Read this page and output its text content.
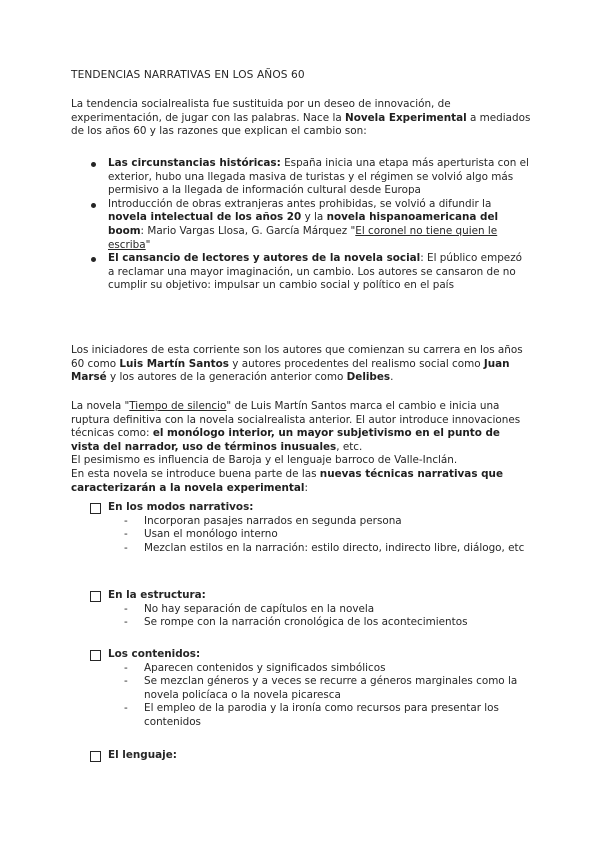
TENDENCIAS NARRATIVAS EN LOS AÑOS 60
La tendencia socialrealista fue sustituida por un deseo de innovación, de experimentación, de jugar con las palabras. Nace la Novela Experimental a mediados de los años 60 y las razones que explican el cambio son:
Las circunstancias históricas: España inicia una etapa más aperturista con el exterior, hubo una llegada masiva de turistas y el régimen se volvió algo más permisivo a la llegada de información cultural desde Europa
Introducción de obras extranjeras antes prohibidas, se volvió a difundir la novela intelectual de los años 20 y la novela hispanoamericana del boom: Mario Vargas Llosa, G. García Márquez "El coronel no tiene quien le escriba"
El cansancio de lectores y autores de la novela social: El público empezó a reclamar una mayor imaginación, un cambio. Los autores se cansaron de no cumplir su objetivo: impulsar un cambio social y político en el país
Los iniciadores de esta corriente son los autores que comienzan su carrera en los años 60 como Luis Martín Santos y autores procedentes del realismo social como Juan Marsé y los autores de la generación anterior como Delibes.
La novela "Tiempo de silencio" de Luis Martín Santos marca el cambio e inicia una ruptura definitiva con la novela socialrealista anterior. El autor introduce innovaciones técnicas como: el monólogo interior, un mayor subjetivismo en el punto de vista del narrador, uso de términos inusuales, etc.
El pesimismo es influencia de Baroja y el lenguaje barroco de Valle-Inclán.
En esta novela se introduce buena parte de las nuevas técnicas narrativas que caracterizarán a la novela experimental:
En los modos narrativos:
- Incorporan pasajes narrados en segunda persona
- Usan el monólogo interno
- Mezclan estilos en la narración: estilo directo, indirecto libre, diálogo, etc
En la estructura:
- No hay separación de capítulos en la novela
- Se rompe con la narración cronológica de los acontecimientos
Los contenidos:
- Aparecen contenidos y significados simbólicos
- Se mezclan géneros y a veces se recurre a géneros marginales como la novela policíaca o la novela picaresca
- El empleo de la parodia y la ironía como recursos para presentar los contenidos
El lenguaje:
